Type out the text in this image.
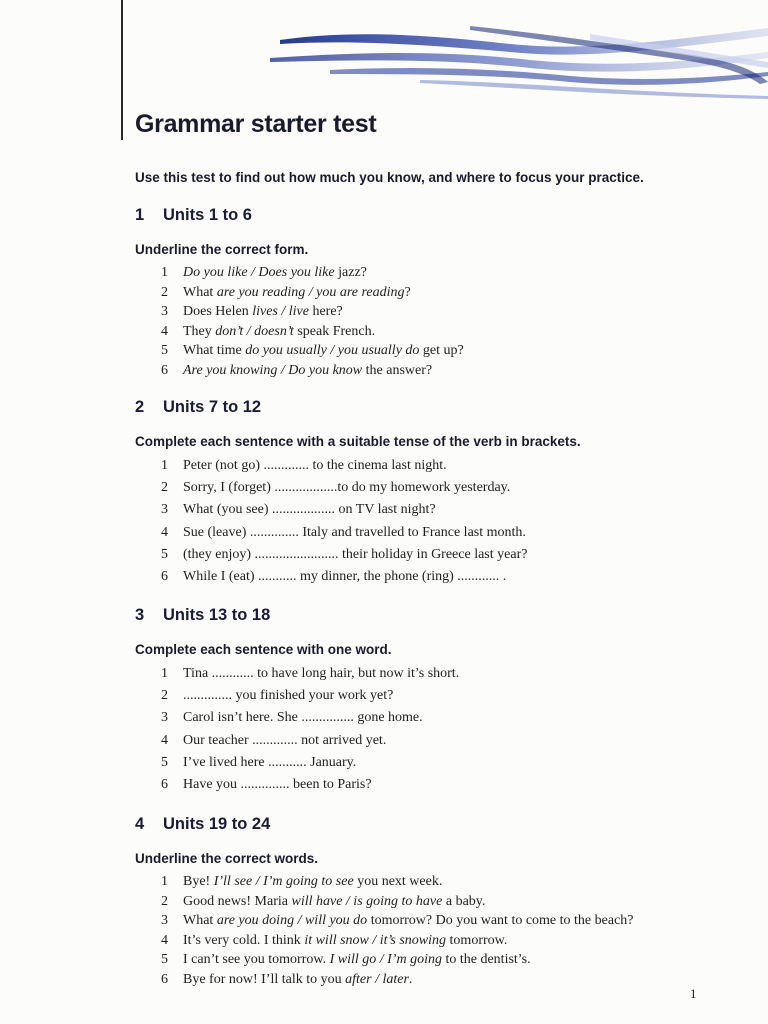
Grammar starter test

Use this test to find out how much you know, and where to focus your practice.

1 Units 1 to 6

Underline the correct form.

1 Do you like / Does you like jazz?
2 What are you reading / you are reading?
3 Does Helen lives / live here?
4 They don’t / doesn’t speak French.
5 What time do you usually / you usually do get up?
6 Are you knowing / Do you know the answer?
2 Units 7 to 12

Complete each sentence with a suitable tense of the verb in brackets.

1 Peter (not go) ............. to the cinema last night.
2 Sorry, I (forget) ..................to do my homework yesterday.
3 What (you see) .................. on TV last night?
4 Sue (leave) .............. Italy and travelled to France last month.
5 (they enjoy) ........................ their holiday in Greece last year?
6 While I (eat) ........... my dinner, the phone (ring) ............ .
3 Units 13 to 18

Complete each sentence with one word.

1 Tina ............ to have long hair, but now it’s short.
2 .............. you finished your work yet?
3 Carol isn’t here. She ............... gone home.
4 Our teacher ............. not arrived yet.
5 I’ve lived here ........... January.
6 Have you .............. been to Paris?
4 Units 19 to 24

Underline the correct words.

1 Bye! I’ll see / I’m going to see you next week.
2 Good news! Maria will have / is going to have a baby.
3 What are you doing / will you do tomorrow? Do you want to come to the beach?
4 It’s very cold. I think it will snow / it’s snowing tomorrow.
5 I can’t see you tomorrow. I will go / I’m going to the dentist’s.
6 Bye for now! I’ll talk to you after / later.
1
